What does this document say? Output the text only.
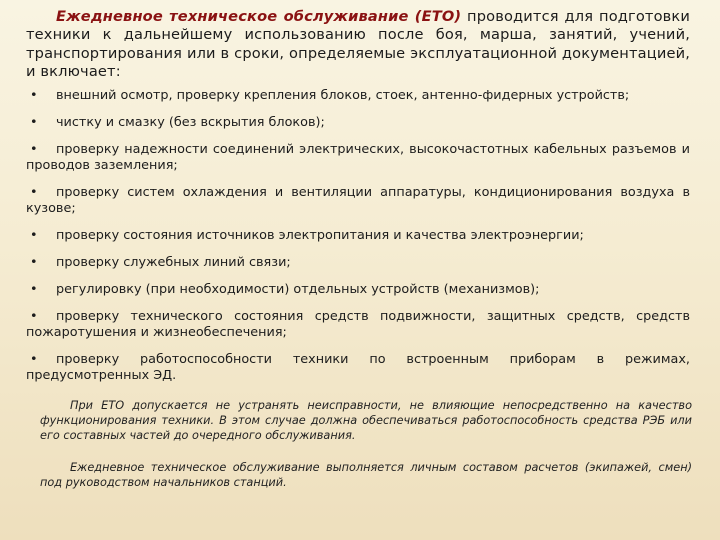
Ежедневное техническое обслуживание (ЕТО) проводится для подготовки техники к дальнейшему использованию после боя, марша, занятий, учений, транспортирования или в сроки, определяемые эксплуатационной документацией, и включает:

• внешний осмотр, проверку крепления блоков, стоек, антенно-фидерных устройств;
• чистку и смазку (без вскрытия блоков);
• проверку надежности соединений электрических, высокочастотных кабельных разъемов и проводов заземления;
• проверку систем охлаждения и вентиляции аппаратуры, кондиционирования воздуха в кузове;
• проверку состояния источников электропитания и качества электроэнергии;
• проверку служебных линий связи;
• регулировку (при необходимости) отдельных устройств (механизмов);
• проверку технического состояния средств подвижности, защитных средств, средств пожаротушения и жизнеобеспечения;
• проверку работоспособности техники по встроенным приборам в режимах, предусмотренных ЭД.

При ЕТО допускается не устранять неисправности, не влияющие непосредственно на качество функционирования техники. В этом случае должна обеспечиваться работоспособность средства РЭБ или его составных частей до очередного обслуживания.

Ежедневное техническое обслуживание выполняется личным составом расчетов (экипажей, смен) под руководством начальников станций.
